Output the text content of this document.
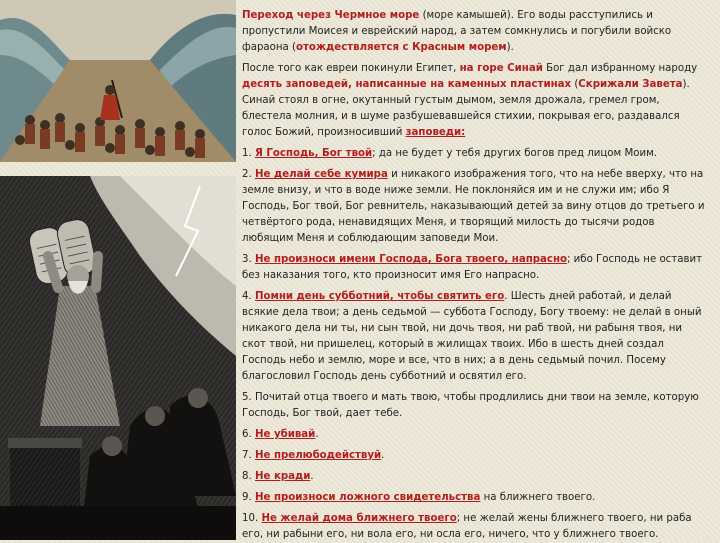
Переход через Чермное море (море камышей). Его воды расступились и пропустили Моисея и еврейский народ, а затем сомкнулись и погубили войско фараона (отождествляется с Красным морем).

После того как евреи покинули Египет, на горе Синай Бог дал избранному народу десять заповедей, написанные на каменных пластинах (Скрижали Завета). Синай стоял в огне, окутанный густым дымом, земля дрожала, гремел гром, блестела молния, и в шуме разбушевавшейся стихии, покрывая его, раздавался голос Божий, произносивший заповеди:

1. Я Господь, Бог твой; да не будет у тебя других богов пред лицом Моим.

2. Не делай себе кумира и никакого изображения того, что на небе вверху, что на земле внизу, и что в воде ниже земли. Не поклоняйся им и не служи им; ибо Я Господь, Бог твой, Бог ревнитель, наказывающий детей за вину отцов до третьего и четвёртого рода, ненавидящих Меня, и творящий милость до тысячи родов любящим Меня и соблюдающим заповеди Мои.

3. Не произноси имени Господа, Бога твоего, напрасно; ибо Господь не оставит без наказания того, кто произносит имя Его напрасно.

4. Помни день субботний, чтобы святить его. Шесть дней работай, и делай всякие дела твои; а день седьмой — суббота Господу, Богу твоему: не делай в оный никакого дела ни ты, ни сын твой, ни дочь твоя, ни раб твой, ни рабыня твоя, ни скот твой, ни пришелец, который в жилищах твоих. Ибо в шесть дней создал Господь небо и землю, море и все, что в них; а в день седьмый почил. Посему благословил Господь день субботний и освятил его.

5. Почитай отца твоего и мать твою, чтобы продлились дни твои на земле, которую Господь, Бог твой, дает тебе.

6. Не убивай.

7. Не прелюбодействуй.

8. Не кради.

9. Не произноси ложного свидетельства на ближнего твоего.

10. Не желай дома ближнего твоего; не желай жены ближнего твоего, ни раба его, ни рабыни его, ни вола его, ни осла его, ничего, что у ближнего твоего.
